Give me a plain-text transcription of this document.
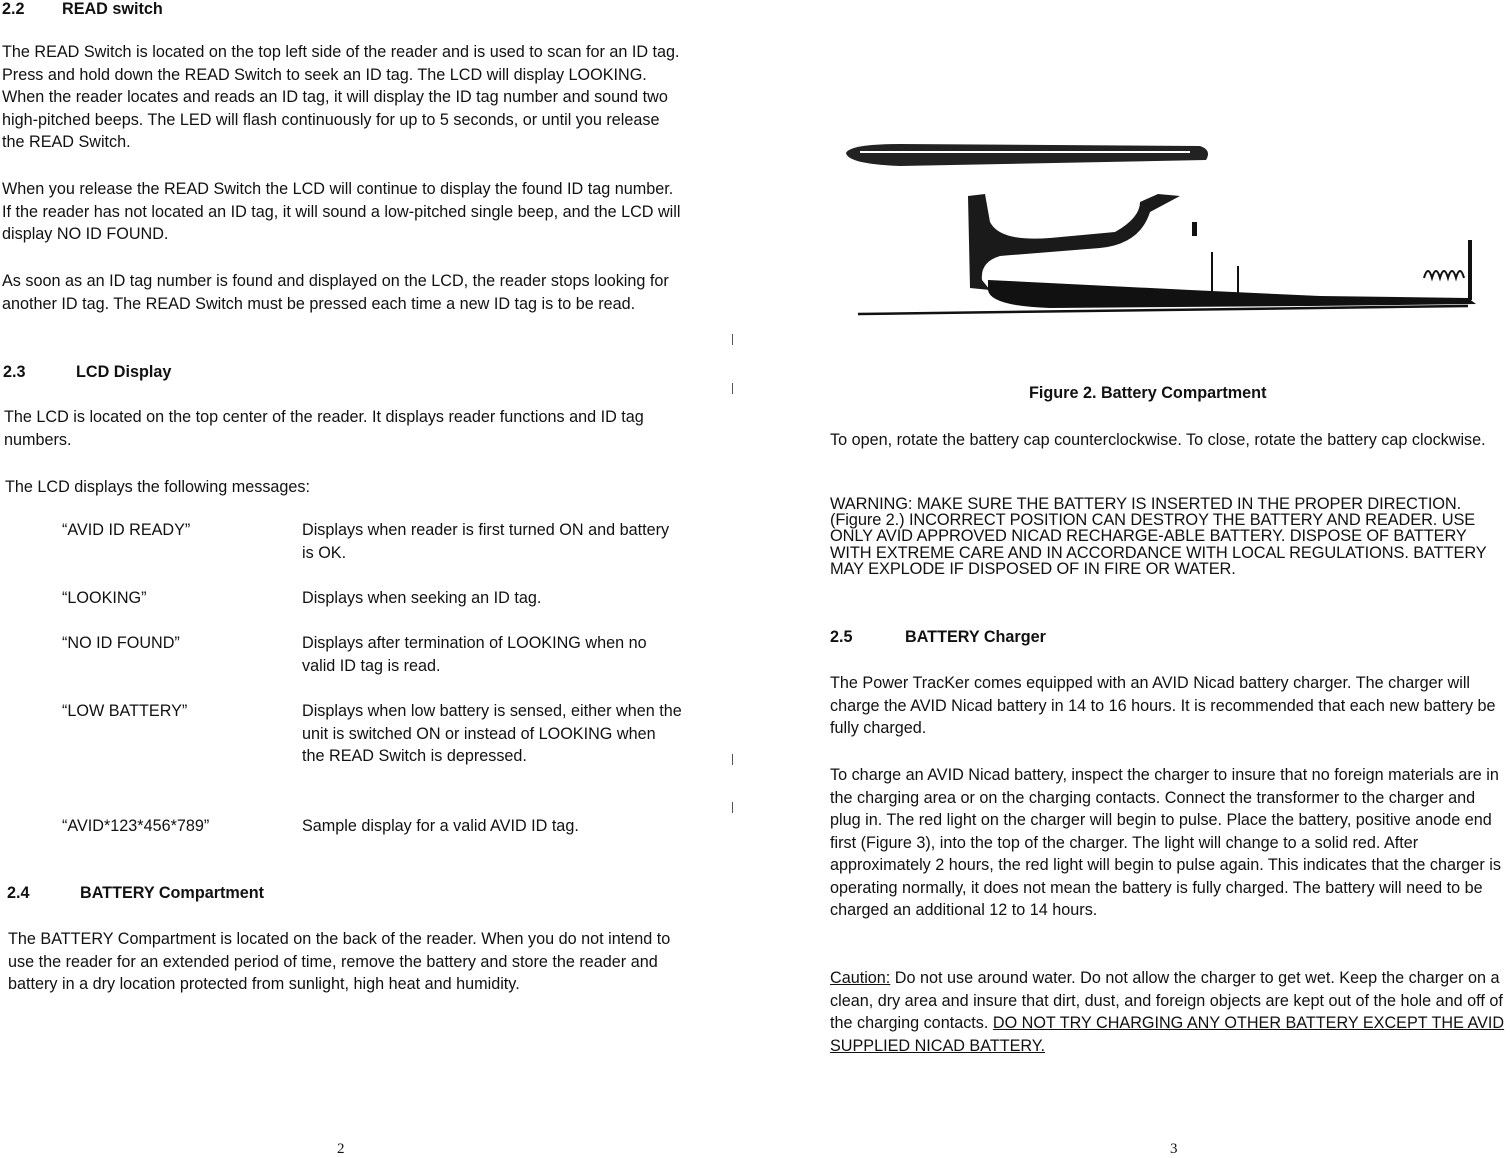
2.2 READ switch

The READ Switch is located on the top left side of the reader and is used to scan for an ID tag. Press and hold down the READ Switch to seek an ID tag. The LCD will display LOOKING. When the reader locates and reads an ID tag, it will display the ID tag number and sound two high-pitched beeps. The LED will flash continuously for up to 5 seconds, or until you release the READ Switch.

When you release the READ Switch the LCD will continue to display the found ID tag number. If the reader has not located an ID tag, it will sound a low-pitched single beep, and the LCD will display NO ID FOUND.

As soon as an ID tag number is found and displayed on the LCD, the reader stops looking for another ID tag. The READ Switch must be pressed each time a new ID tag is to be read.

2.3	LCD Display

The LCD is located on the top center of the reader. It displays reader functions and ID tag numbers.

The LCD displays the following messages:

“AVID ID READY”	Displays when reader is first turned ON and battery is OK.
“LOOKING”	Displays when seeking an ID tag.
“NO ID FOUND”	Displays after termination of LOOKING when no valid ID tag is read.
“LOW BATTERY”	Displays when low battery is sensed, either when the unit is switched ON or instead of LOOKING when the READ Switch is depressed.
“AVID*123*456*789”	Sample display for a valid AVID ID tag.
2.4	BATTERY Compartment

The BATTERY Compartment is located on the back of the reader. When you do not intend to use the reader for an extended period of time, remove the battery and store the reader and battery in a dry location protected from sunlight, high heat and humidity.

2
ǀ
ǀ
ǀ
ǀ
Figure 2. Battery Compartment

To open, rotate the battery cap counterclockwise. To close, rotate the battery cap clockwise.

WARNING: MAKE SURE THE BATTERY IS INSERTED IN THE PROPER DIRECTION. (Figure 2.) INCORRECT POSITION CAN DESTROY THE BATTERY AND READER. USE ONLY AVID APPROVED NICAD RECHARGE-ABLE BATTERY. DISPOSE OF BATTERY WITH EXTREME CARE AND IN ACCORDANCE WITH LOCAL REGULATIONS. BATTERY MAY EXPLODE IF DISPOSED OF IN FIRE OR WATER.

2.5	BATTERY Charger

The Power TracKer comes equipped with an AVID Nicad battery charger. The charger will charge the AVID Nicad battery in 14 to 16 hours. It is recommended that each new battery be fully charged.

To charge an AVID Nicad battery, inspect the charger to insure that no foreign materials are in the charging area or on the charging contacts. Connect the transformer to the charger and plug in. The red light on the charger will begin to pulse. Place the battery, positive anode end first (Figure 3), into the top of the charger. The light will change to a solid red. After approximately 2 hours, the red light will begin to pulse again. This indicates that the charger is operating normally, it does not mean the battery is fully charged. The battery will need to be charged an additional 12 to 14 hours.

Caution: Do not use around water. Do not allow the charger to get wet. Keep the charger on a clean, dry area and insure that dirt, dust, and foreign objects are kept out of the hole and off of the charging contacts. DO NOT TRY CHARGING ANY OTHER BATTERY EXCEPT THE AVID SUPPLIED NICAD BATTERY.

3
